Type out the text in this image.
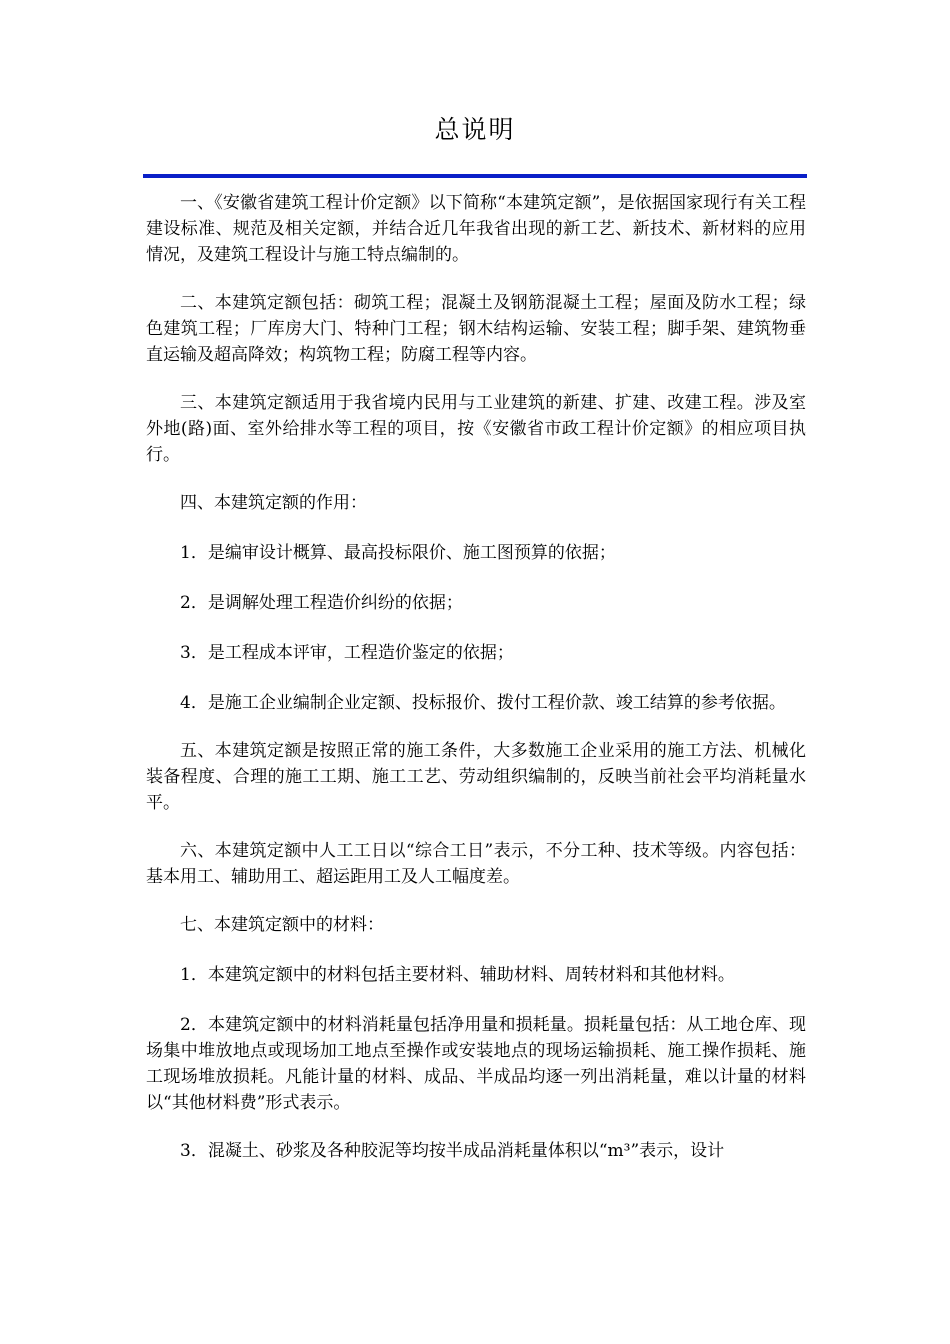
总说明

一、《安徽省建筑工程计价定额》以下简称“本建筑定额”，是依据国家现行有关工程建设标准、规范及相关定额，并结合近几年我省出现的新工艺、新技术、新材料的应用情况，及建筑工程设计与施工特点编制的。

二、本建筑定额包括：砌筑工程；混凝土及钢筋混凝土工程；屋面及防水工程；绿色建筑工程；厂库房大门、特种门工程；钢木结构运输、安装工程；脚手架、建筑物垂直运输及超高降效；构筑物工程；防腐工程等内容。

三、本建筑定额适用于我省境内民用与工业建筑的新建、扩建、改建工程。涉及室外地(路)面、室外给排水等工程的项目，按《安徽省市政工程计价定额》的相应项目执行。

四、本建筑定额的作用：

1．是编审设计概算、最高投标限价、施工图预算的依据；

2．是调解处理工程造价纠纷的依据；

3．是工程成本评审，工程造价鉴定的依据；

4．是施工企业编制企业定额、投标报价、拨付工程价款、竣工结算的参考依据。

五、本建筑定额是按照正常的施工条件，大多数施工企业采用的施工方法、机械化装备程度、合理的施工工期、施工工艺、劳动组织编制的，反映当前社会平均消耗量水平。

六、本建筑定额中人工工日以“综合工日”表示，不分工种、技术等级。内容包括：基本用工、辅助用工、超运距用工及人工幅度差。

七、本建筑定额中的材料：

1．本建筑定额中的材料包括主要材料、辅助材料、周转材料和其他材料。

2．本建筑定额中的材料消耗量包括净用量和损耗量。损耗量包括：从工地仓库、现场集中堆放地点或现场加工地点至操作或安装地点的现场运输损耗、施工操作损耗、施工现场堆放损耗。凡能计量的材料、成品、半成品均逐一列出消耗量，难以计量的材料以“其他材料费”形式表示。

3．混凝土、砂浆及各种胶泥等均按半成品消耗量体积以“m³”表示，设计
